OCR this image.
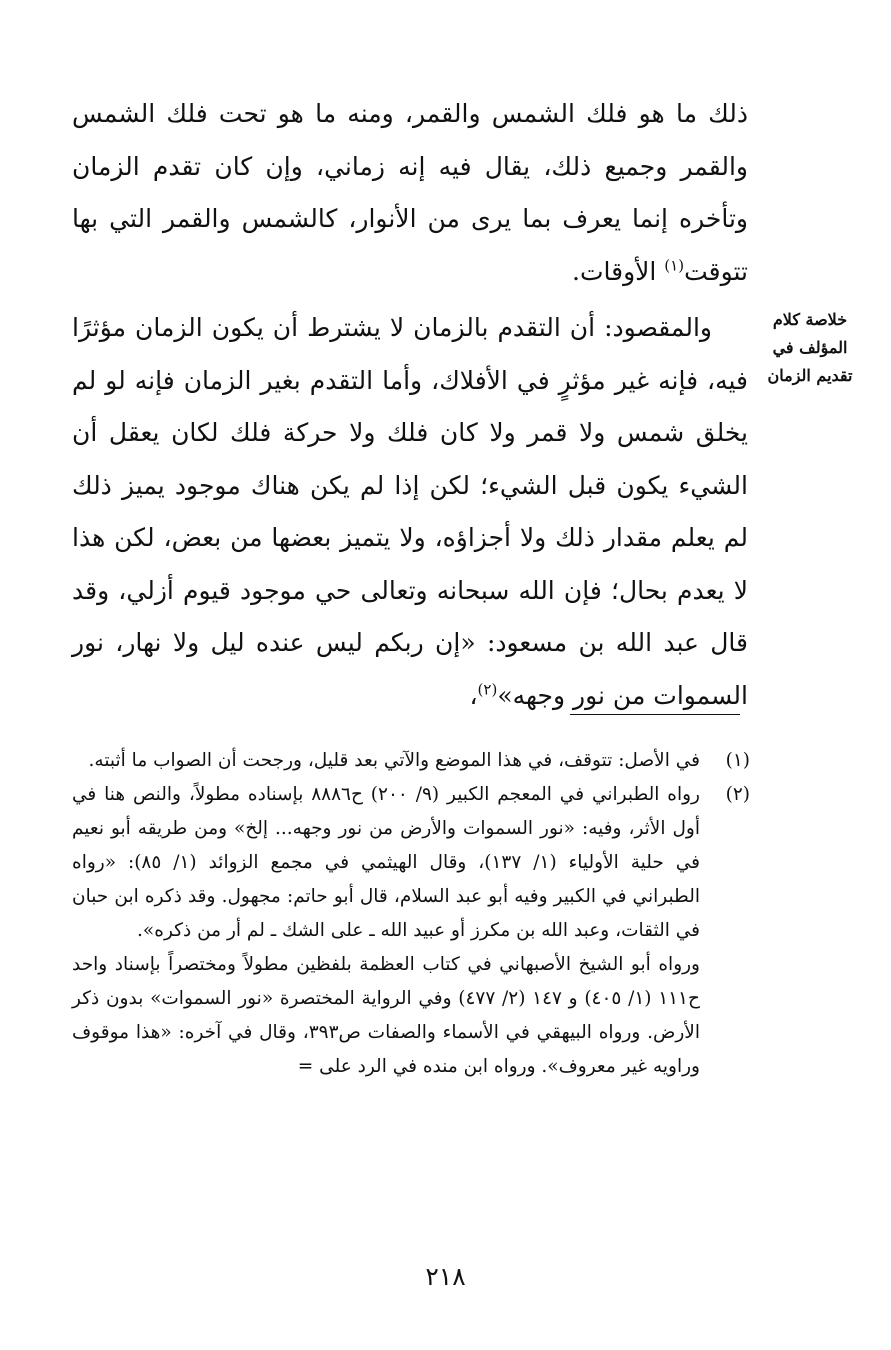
ذلك ما هو فلك الشمس والقمر، ومنه ما هو تحت فلك الشمس والقمر وجميع ذلك، يقال فيه إنه زماني، وإن كان تقدم الزمان وتأخره إنما يعرف بما يرى من الأنوار، كالشمس والقمر التي بها تتوقت$^{(١)}$ الأوقات.

والمقصود: أن التقدم بالزمان لا يشترط أن يكون الزمان مؤثرًا فيه، فإنه غير مؤثرٍ في الأفلاك، وأما التقدم بغير الزمان فإنه لو لم يخلق شمس ولا قمر ولا كان فلك ولا حركة فلك لكان يعقل أن الشيء يكون قبل الشيء؛ لكن إذا لم يكن هناك موجود يميز ذلك لم يعلم مقدار ذلك ولا أجزاؤه، ولا يتميز بعضها من بعض، لكن هذا لا يعدم بحال؛ فإن الله سبحانه وتعالى حي موجود قيوم أزلي، وقد قال عبد الله بن مسعود: «إن ربكم ليس عنده ليل ولا نهار، نور السموات من نور وجهه»$^{(٢)}$،

خلاصة كلام المؤلف في تقديم الزمان
(١)
في الأصل: تتوقف، في هذا الموضع والآتي بعد قليل، ورجحت أن الصواب ما أثبته.
(٢)
رواه الطبراني في المعجم الكبير (٩/ ٢٠٠) ح٨٨٨٦ بإسناده مطولاً، والنص هنا في أول الأثر، وفيه: «نور السموات والأرض من نور وجهه... إلخ» ومن طريقه أبو نعيم في حلية الأولياء (١/ ١٣٧)، وقال الهيثمي في مجمع الزوائد (١/ ٨٥): «رواه الطبراني في الكبير وفيه أبو عبد السلام، قال أبو حاتم: مجهول. وقد ذكره ابن حبان في الثقات، وعبد الله بن مكرز أو عبيد الله ـ على الشك ـ لم أر من ذكره».
ورواه أبو الشيخ الأصبهاني في كتاب العظمة بلفظين مطولاً ومختصراً بإسناد واحد ح١١١ (١/ ٤٠٥) و ١٤٧ (٢/ ٤٧٧) وفي الرواية المختصرة «نور السموات» بدون ذكر الأرض. ورواه البيهقي في الأسماء والصفات ص٣٩٣، وقال في آخره: «هذا موقوف وراويه غير معروف». ورواه ابن منده في الرد على =
٢١٨
